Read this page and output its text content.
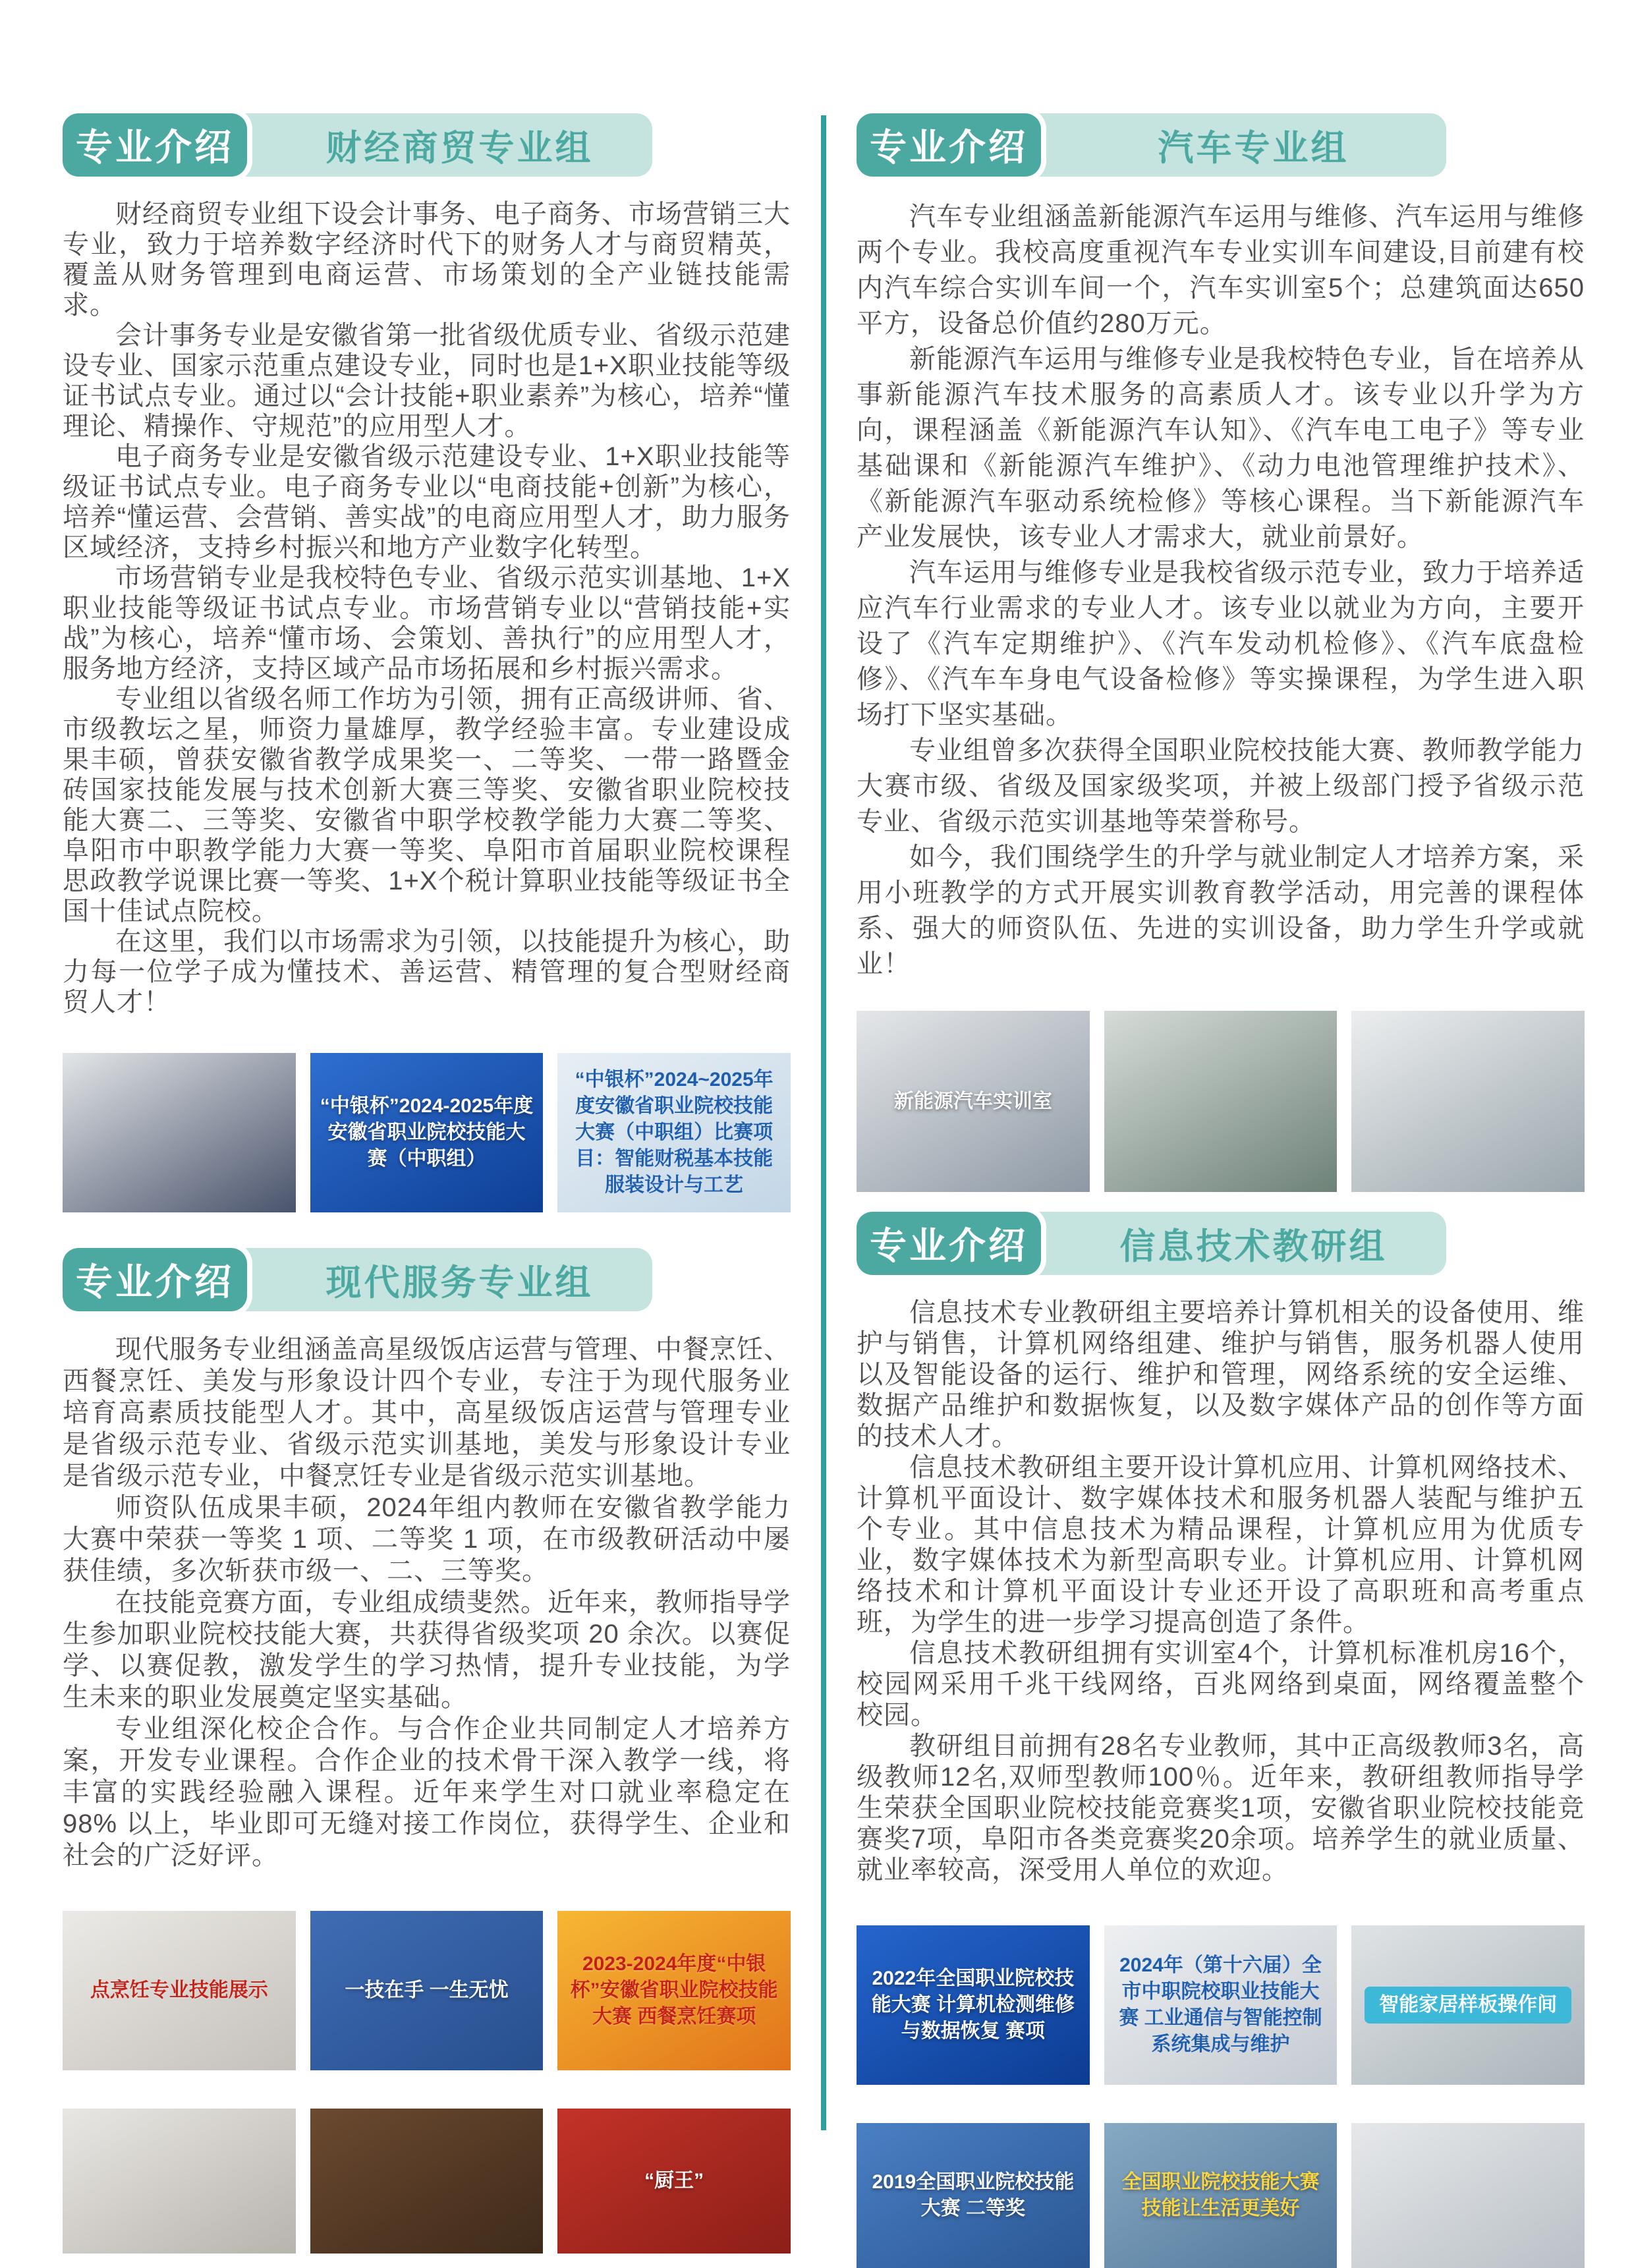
专业介绍	财经商贸专业组

财经商贸专业组下设会计事务、电子商务、市场营销三大专业，致力于培养数字经济时代下的财务人才与商贸精英，覆盖从财务管理到电商运营、市场策划的全产业链技能需求。

会计事务专业是安徽省第一批省级优质专业、省级示范建设专业、国家示范重点建设专业，同时也是1+X职业技能等级证书试点专业。通过以“会计技能+职业素养”为核心，培养“懂理论、精操作、守规范”的应用型人才。

电子商务专业是安徽省级示范建设专业、1+X职业技能等级证书试点专业。电子商务专业以“电商技能+创新”为核心，培养“懂运营、会营销、善实战”的电商应用型人才，助力服务区域经济，支持乡村振兴和地方产业数字化转型。

市场营销专业是我校特色专业、省级示范实训基地、1+X职业技能等级证书试点专业。市场营销专业以“营销技能+实战”为核心，培养“懂市场、会策划、善执行”的应用型人才，服务地方经济，支持区域产品市场拓展和乡村振兴需求。

专业组以省级名师工作坊为引领，拥有正高级讲师、省、市级教坛之星，师资力量雄厚，教学经验丰富。专业建设成果丰硕，曾获安徽省教学成果奖一、二等奖、一带一路暨金砖国家技能发展与技术创新大赛三等奖、安徽省职业院校技能大赛二、三等奖、安徽省中职学校教学能力大赛二等奖、阜阳市中职教学能力大赛一等奖、阜阳市首届职业院校课程思政教学说课比赛一等奖、1+X个税计算职业技能等级证书全国十佳试点院校。

在这里，我们以市场需求为引领，以技能提升为核心，助力每一位学子成为懂技术、善运营、精管理的复合型财经商贸人才！

“中银杯”2024-2025年度安徽省职业院校技能大赛（中职组）
“中银杯”2024~2025年度安徽省职业院校技能大赛（中职组）比赛项目：智能财税基本技能 服装设计与工艺
专业介绍	现代服务专业组

现代服务专业组涵盖高星级饭店运营与管理、中餐烹饪、西餐烹饪、美发与形象设计四个专业，专注于为现代服务业培育高素质技能型人才。其中，高星级饭店运营与管理专业是省级示范专业、省级示范实训基地，美发与形象设计专业是省级示范专业，中餐烹饪专业是省级示范实训基地。

师资队伍成果丰硕，2024年组内教师在安徽省教学能力大赛中荣获一等奖 1 项、二等奖 1 项，在市级教研活动中屡获佳绩，多次斩获市级一、二、三等奖。

在技能竞赛方面，专业组成绩斐然。近年来，教师指导学生参加职业院校技能大赛，共获得省级奖项 20 余次。以赛促学、以赛促教，激发学生的学习热情，提升专业技能，为学生未来的职业发展奠定坚实基础。

专业组深化校企合作。与合作企业共同制定人才培养方案，开发专业课程。合作企业的技术骨干深入教学一线，将丰富的实践经验融入课程。近年来学生对口就业率稳定在 98% 以上，毕业即可无缝对接工作岗位，获得学生、企业和社会的广泛好评。

点烹饪专业技能展示	一技在手 一生无忧
2023-2024年度“中银杯”安徽省职业院校技能大赛 西餐烹饪赛项
“厨王”
专业介绍	汽车专业组

汽车专业组涵盖新能源汽车运用与维修、汽车运用与维修两个专业。我校高度重视汽车专业实训车间建设,目前建有校内汽车综合实训车间一个，汽车实训室5个；总建筑面达650平方，设备总价值约280万元。

新能源汽车运用与维修专业是我校特色专业，旨在培养从事新能源汽车技术服务的高素质人才。该专业以升学为方向，课程涵盖《新能源汽车认知》、《汽车电工电子》等专业基础课和《新能源汽车维护》、《动力电池管理维护技术》、《新能源汽车驱动系统检修》等核心课程。当下新能源汽车产业发展快，该专业人才需求大，就业前景好。

汽车运用与维修专业是我校省级示范专业，致力于培养适应汽车行业需求的专业人才。该专业以就业为方向，主要开设了《汽车定期维护》、《汽车发动机检修》、《汽车底盘检修》、《汽车车身电气设备检修》等实操课程，为学生进入职场打下坚实基础。

专业组曾多次获得全国职业院校技能大赛、教师教学能力大赛市级、省级及国家级奖项，并被上级部门授予省级示范专业、省级示范实训基地等荣誉称号。

如今，我们围绕学生的升学与就业制定人才培养方案，采用小班教学的方式开展实训教育教学活动，用完善的课程体系、强大的师资队伍、先进的实训设备，助力学生升学或就业！

新能源汽车实训室
专业介绍	信息技术教研组

信息技术专业教研组主要培养计算机相关的设备使用、维护与销售，计算机网络组建、维护与销售，服务机器人使用以及智能设备的运行、维护和管理，网络系统的安全运维、数据产品维护和数据恢复，以及数字媒体产品的创作等方面的技术人才。

信息技术教研组主要开设计算机应用、计算机网络技术、计算机平面设计、数字媒体技术和服务机器人装配与维护五个专业。其中信息技术为精品课程，计算机应用为优质专业，数字媒体技术为新型高职专业。计算机应用、计算机网络技术和计算机平面设计专业还开设了高职班和高考重点班，为学生的进一步学习提高创造了条件。

信息技术教研组拥有实训室4个，计算机标准机房16个，校园网采用千兆干线网络，百兆网络到桌面，网络覆盖整个校园。

教研组目前拥有28名专业教师，其中正高级教师3名，高级教师12名,双师型教师100％。近年来，教研组教师指导学生荣获全国职业院校技能竞赛奖1项，安徽省职业院校技能竞赛奖7项，阜阳市各类竞赛奖20余项。培养学生的就业质量、就业率较高，深受用人单位的欢迎。

2022年全国职业院校技能大赛 计算机检测维修与数据恢复 赛项
2024年（第十六届）全市中职院校职业技能大赛 工业通信与智能控制系统集成与维护
智能家居样板操作间
2019全国职业院校技能大赛 二等奖
全国职业院校技能大赛 技能让生活更美好
